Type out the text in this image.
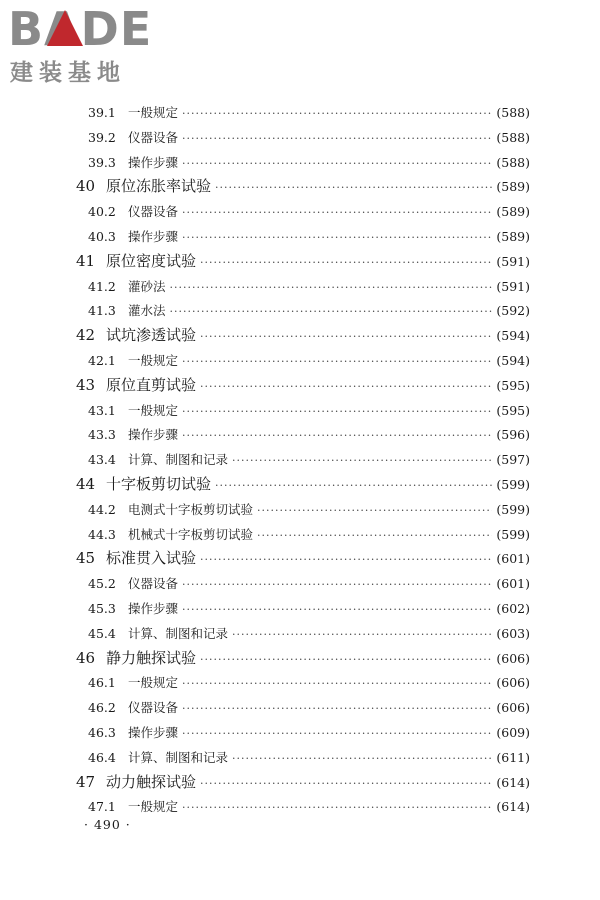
BADE
建装基地
39.1 一般规定 ·····	(588)
39.2 仪器设备 ·····	(588)
39.3 操作步骤 ·····	(588)
40 原位冻胀率试验 ·····	(589)
40.2 仪器设备 ·····	(589)
40.3 操作步骤 ·····	(589)
41 原位密度试验 ·····	(591)
41.2 灌砂法 ·····	(591)
41.3 灌水法 ·····	(592)
42 试坑渗透试验 ·····	(594)
42.1 一般规定 ·····	(594)
43 原位直剪试验 ·····	(595)
43.1 一般规定 ·····	(595)
43.3 操作步骤 ·····	(596)
43.4 计算、制图和记录 ·····	(597)
44 十字板剪切试验 ·····	(599)
44.2 电测式十字板剪切试验 ·····	(599)
44.3 机械式十字板剪切试验 ·····	(599)
45 标准贯入试验 ·····	(601)
45.2 仪器设备 ·····	(601)
45.3 操作步骤 ·····	(602)
45.4 计算、制图和记录 ·····	(603)
46 静力触探试验 ·····	(606)
46.1 一般规定 ·····	(606)
46.2 仪器设备 ·····	(606)
46.3 操作步骤 ·····	(609)
46.4 计算、制图和记录 ·····	(611)
47 动力触探试验 ·····	(614)
47.1 一般规定 ·····	(614)
· 490 ·
